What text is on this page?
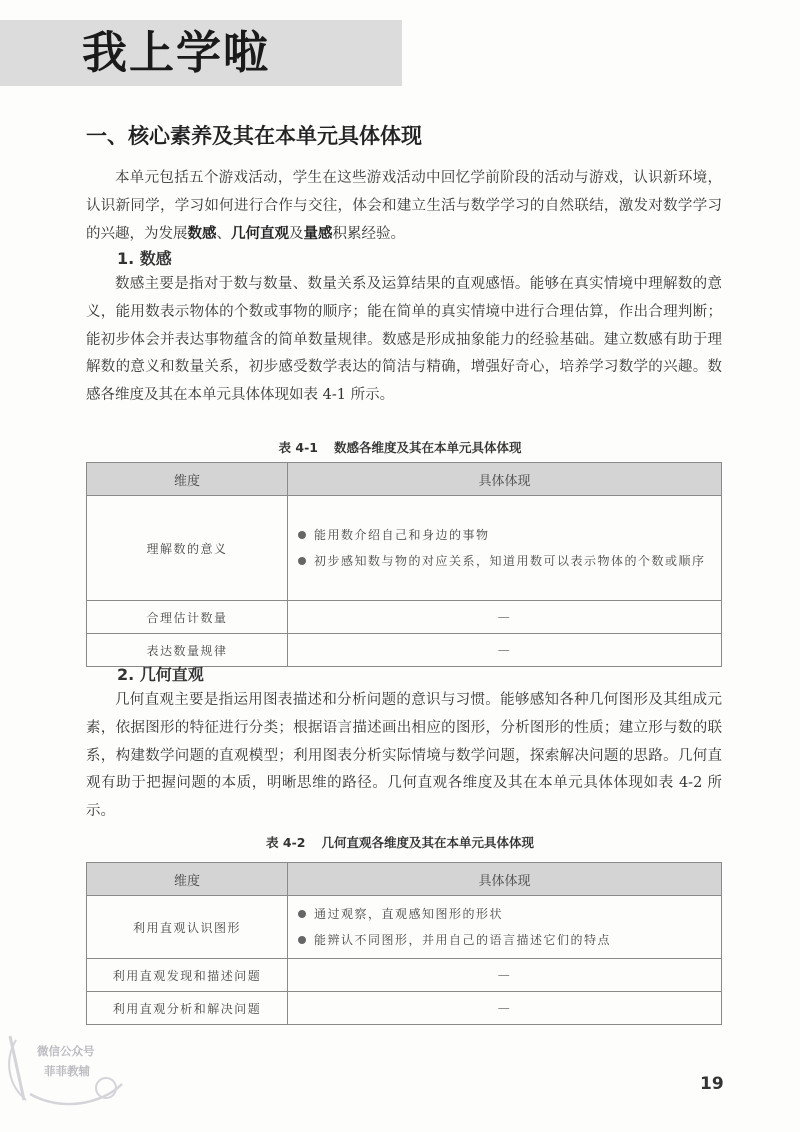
我上学啦
一、核心素养及其在本单元具体体现

本单元包括五个游戏活动，学生在这些游戏活动中回忆学前阶段的活动与游戏，认识新环境，认识新同学，学习如何进行合作与交往，体会和建立生活与数学学习的自然联结，激发对数学学习的兴趣，为发展数感、几何直观及量感积累经验。

1. 数感

数感主要是指对于数与数量、数量关系及运算结果的直观感悟。能够在真实情境中理解数的意义，能用数表示物体的个数或事物的顺序；能在简单的真实情境中进行合理估算，作出合理判断；能初步体会并表达事物蕴含的简单数量规律。数感是形成抽象能力的经验基础。建立数感有助于理解数的意义和数量关系，初步感受数学表达的简洁与精确，增强好奇心，培养学习数学的兴趣。数感各维度及其在本单元具体体现如表 4-1 所示。

表 4-1 数感各维度及其在本单元具体体现

维度	具体体现
理解数的意义	能用数介绍自己和身边的事物
初步感知数与物的对应关系，知道用数可以表示物体的个数或顺序

合理估计数量	—
表达数量规律	—
2. 几何直观

几何直观主要是指运用图表描述和分析问题的意识与习惯。能够感知各种几何图形及其组成元素，依据图形的特征进行分类；根据语言描述画出相应的图形，分析图形的性质；建立形与数的联系，构建数学问题的直观模型；利用图表分析实际情境与数学问题，探索解决问题的思路。几何直观有助于把握问题的本质，明晰思维的路径。几何直观各维度及其在本单元具体体现如表 4-2 所示。

表 4-2 几何直观各维度及其在本单元具体体现

维度	具体体现
利用直观认识图形	通过观察，直观感知图形的形状
能辨认不同图形，并用自己的语言描述它们的特点

利用直观发现和描述问题	—
利用直观分析和解决问题	—
微信公众号
菲菲教辅

19
